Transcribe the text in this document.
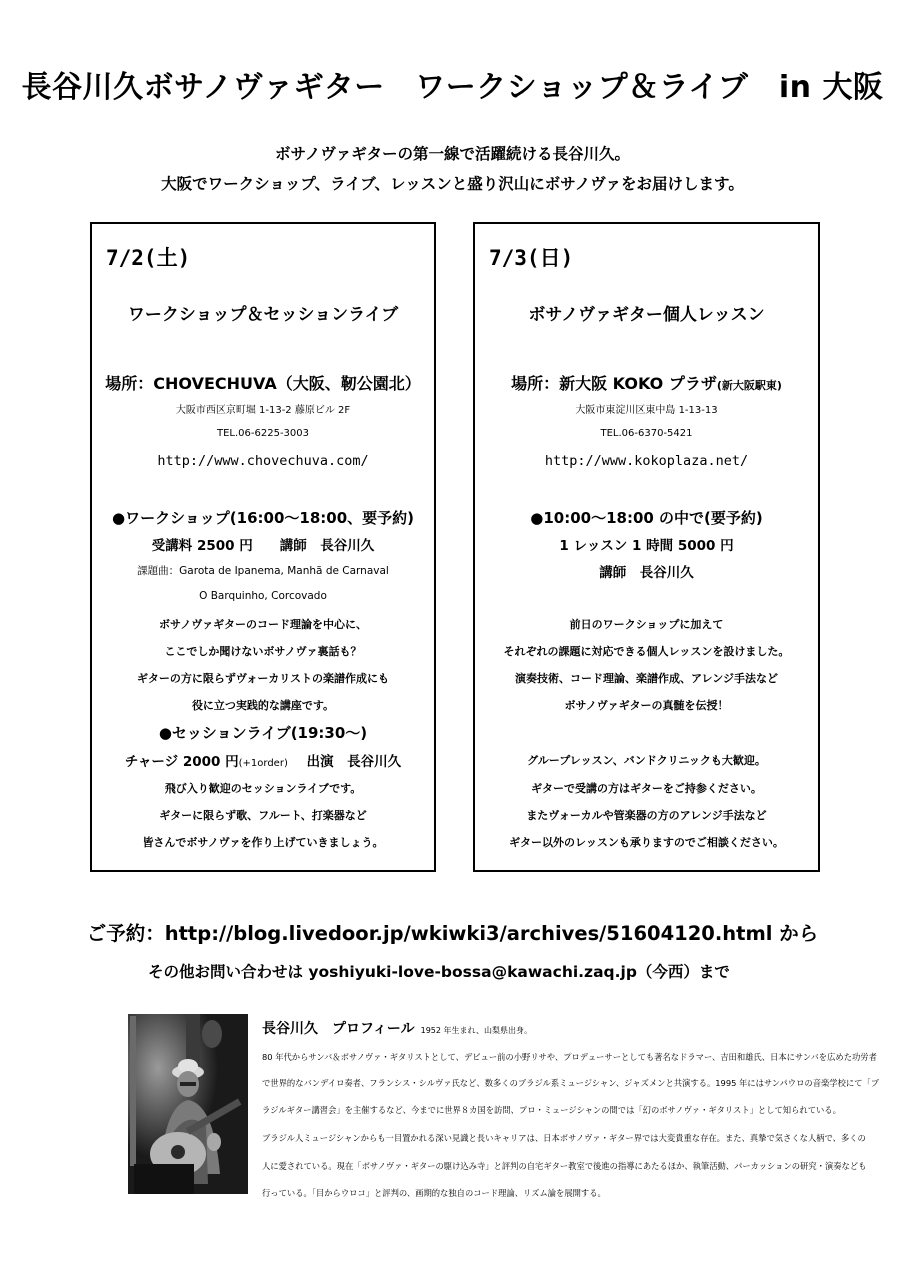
長谷川久ボサノヴァギター　ワークショップ＆ライブ　in 大阪
ボサノヴァギターの第一線で活躍続ける長谷川久。
大阪でワークショップ、ライブ、レッスンと盛り沢山にボサノヴァをお届けします。
7/2(土)
ワークショップ＆セッションライブ
場所：CHOVECHUVA（大阪、靭公園北）
大阪市西区京町堀 1-13-2 藤原ビル 2F
TEL.06-6225-3003
http://www.chovechuva.com/
●ワークショップ(16:00～18:00、要予約)
受講料 2500 円　　講師　長谷川久
課題曲：Garota de Ipanema, Manhã de Carnaval
O Barquinho, Corcovado
ボサノヴァギターのコード理論を中心に、
ここでしか聞けないボサノヴァ裏話も？
ギターの方に限らずヴォーカリストの楽譜作成にも
役に立つ実践的な講座です。
●セッションライブ(19:30～)
チャージ 2000 円(+1order) 出演　長谷川久
飛び入り歓迎のセッションライブです。
ギターに限らず歌、フルート、打楽器など
皆さんでボサノヴァを作り上げていきましょう。
7/3(日)
ボサノヴァギター個人レッスン
場所：新大阪 KOKO プラザ(新大阪駅東)
大阪市東淀川区東中島 1-13-13
TEL.06-6370-5421
http://www.kokoplaza.net/
●10:00～18:00 の中で(要予約)
1 レッスン 1 時間 5000 円
講師　長谷川久
前日のワークショップに加えて
それぞれの課題に対応できる個人レッスンを設けました。
演奏技術、コード理論、楽譜作成、アレンジ手法など
ボサノヴァギターの真髄を伝授！
グループレッスン、バンドクリニックも大歓迎。
ギターで受講の方はギターをご持参ください。
またヴォーカルや管楽器の方のアレンジ手法など
ギター以外のレッスンも承りますのでご相談ください。
ご予約：http://blog.livedoor.jp/wkiwki3/archives/51604120.html から
その他お問い合わせは yoshiyuki-love-bossa@kawachi.zaq.jp（今西）まで
長谷川久　プロフィール 1952 年生まれ、山梨県出身。
80 年代からサンバ＆ボサノヴァ・ギタリストとして、デビュー前の小野リサや、プロデューサーとしても著名なドラマー、吉田和雄氏、日本にサンバを広めた功労者
で世界的なバンデイロ奏者、フランシス・シルヴァ氏など、数多くのブラジル系ミュージシャン、ジャズメンと共演する。1995 年にはサンパウロの音楽学校にて「ブ
ラジルギター講習会」を主催するなど、今までに世界８カ国を訪問、プロ・ミュージシャンの間では「幻のボサノヴァ・ギタリスト」として知られている。
ブラジル人ミュージシャンからも一目置かれる深い見識と長いキャリアは、日本ボサノヴァ・ギター界では大変貴重な存在。また、真摯で気さくな人柄で、多くの
人に愛されている。現在「ボサノヴァ・ギターの駆け込み寺」と評判の自宅ギター教室で後進の指導にあたるほか、執筆活動、パーカッションの研究・演奏なども
行っている。「目からウロコ」と評判の、画期的な独自のコード理論、リズム論を展開する。
